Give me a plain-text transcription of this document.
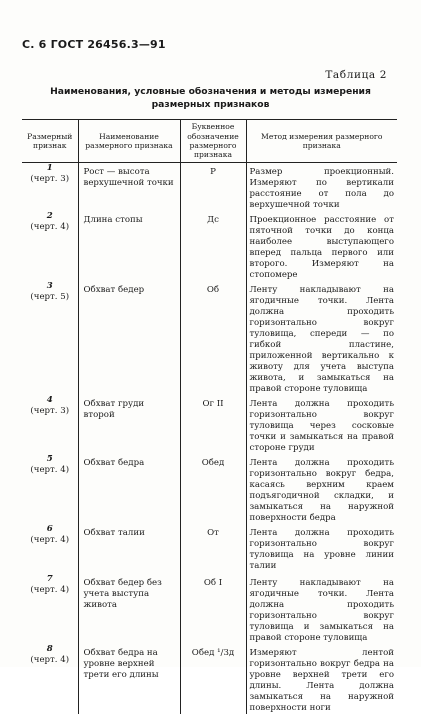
С. 6 ГОСТ 26456.3—91
Таблица 2
Наименования, условные обозначения и методы измерения
размерных признаков
Размерный признак	Наименование размерного признака	Буквенное обозначение размерного признака	Метод измерения размерного признака

1
(черт. 3)	Рост — высота верхушечной точки	Р	Размер проекционный. Измеряют по вертикали расстояние от пола до верхушечной точки

2
(черт. 4)	Длина стопы	Дс	Проекционное расстояние от пяточной точки до конца наиболее выступающего вперед пальца первого или второго. Измеряют на стопомере

3
(черт. 5)	Обхват бедер	Об	Ленту накладывают на ягодичные точки. Лента должна проходить горизонтально вокруг туловища, спереди — по гибкой пластине, приложенной вертикально к животу для учета выступа живота, и замыкаться на правой стороне туловища

4
(черт. 3)	Обхват груди второй	Ог II	Лента должна проходить горизонтально вокруг туловища через сосковые точки и замыкаться на правой стороне груди

5
(черт. 4)	Обхват бедра	Обед	Лента должна проходить горизонтально вокруг бедра, касаясь верхним краем подъягодичной складки, и замыкаться на наружной поверхности бедра

6
(черт. 4)	Обхват талии	От	Лента должна проходить горизонтально вокруг туловища на уровне линии талии

7
(черт. 4)	Обхват бедер без учета выступа живота	Об I	Ленту накладывают на ягодичные точки. Лента должна проходить горизонтально вокруг туловища и замыкаться на правой стороне туловища

8
(черт. 4)	Обхват бедра на уровне верхней трети его длины	Обед ¹/3д	Измеряют лентой горизонтально вокруг бедра на уровне верхней трети его длины. Лента должна замыкаться на наружной поверхности ноги
